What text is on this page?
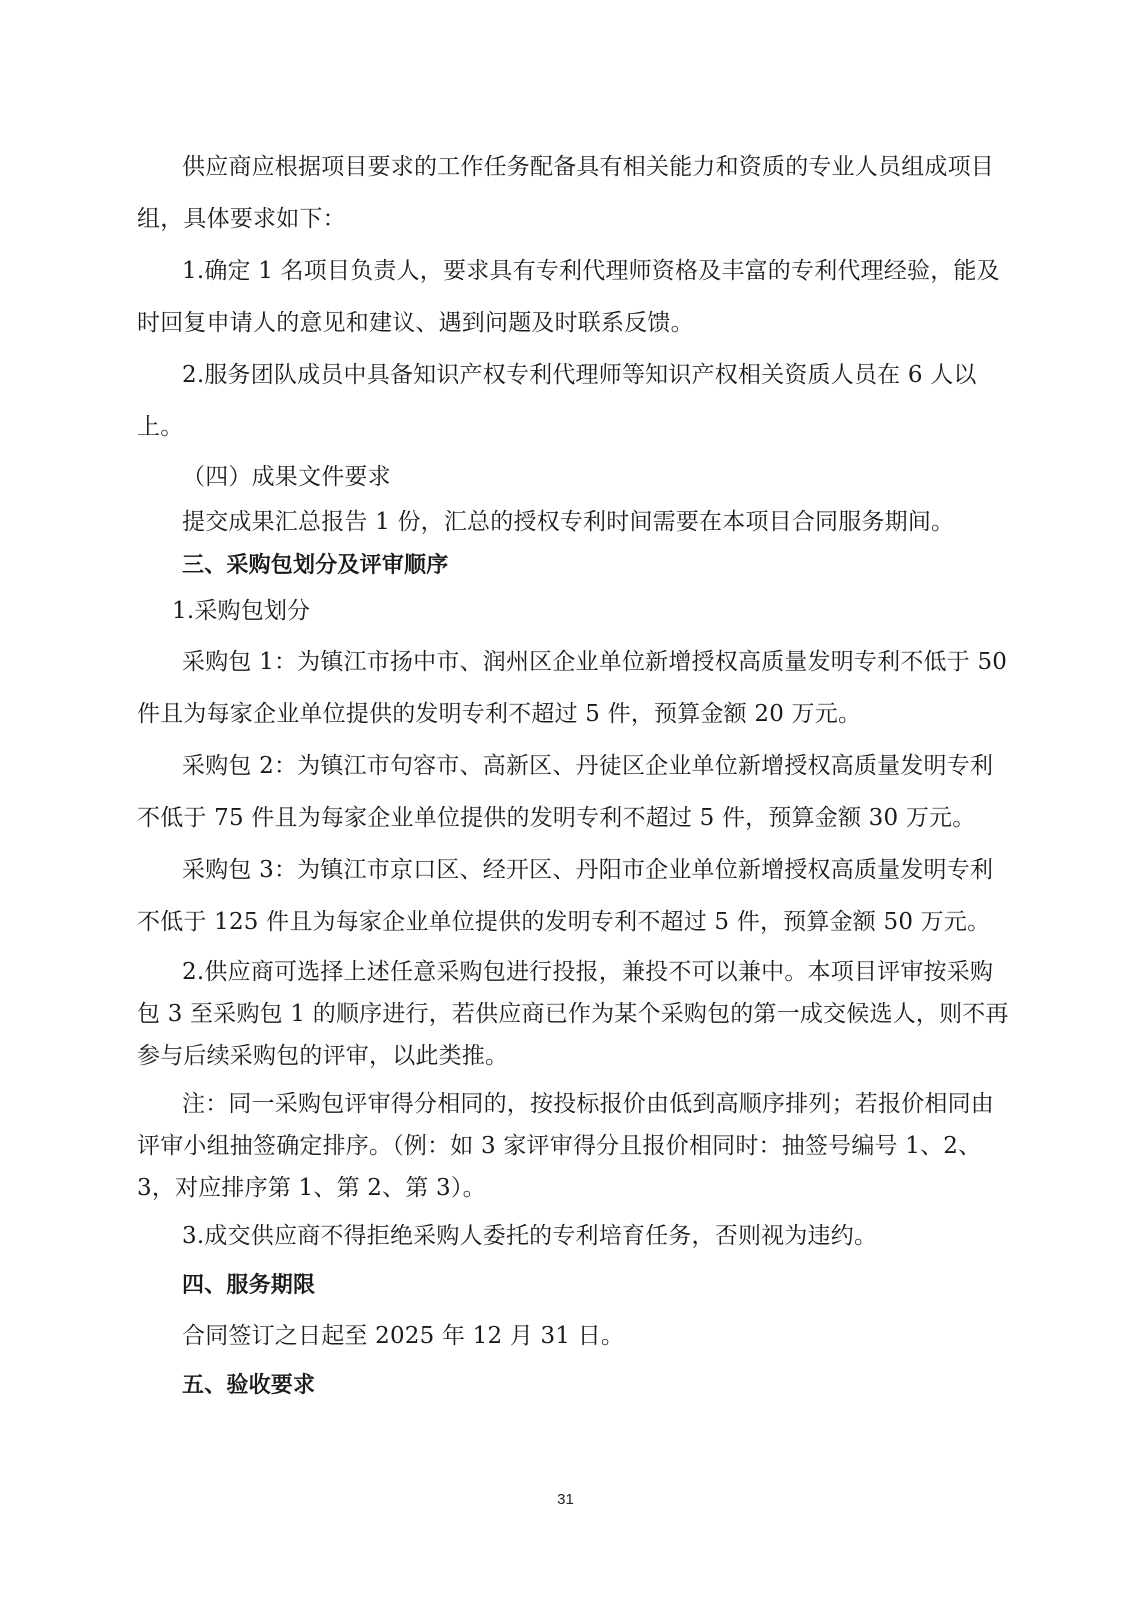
供应商应根据项目要求的工作任务配备具有相关能力和资质的专业人员组成项目
组，具体要求如下：
1.确定 1 名项目负责人，要求具有专利代理师资格及丰富的专利代理经验，能及
时回复申请人的意见和建议、遇到问题及时联系反馈。
2.服务团队成员中具备知识产权专利代理师等知识产权相关资质人员在 6 人以
上。
（四）成果文件要求
提交成果汇总报告 1 份，汇总的授权专利时间需要在本项目合同服务期间。
三、采购包划分及评审顺序
1.采购包划分
采购包 1：为镇江市扬中市、润州区企业单位新增授权高质量发明专利不低于 50
件且为每家企业单位提供的发明专利不超过 5 件，预算金额 20 万元。
采购包 2：为镇江市句容市、高新区、丹徒区企业单位新增授权高质量发明专利
不低于 75 件且为每家企业单位提供的发明专利不超过 5 件，预算金额 30 万元。
采购包 3：为镇江市京口区、经开区、丹阳市企业单位新增授权高质量发明专利
不低于 125 件且为每家企业单位提供的发明专利不超过 5 件，预算金额 50 万元。
2.供应商可选择上述任意采购包进行投报，兼投不可以兼中。本项目评审按采购
包 3 至采购包 1 的顺序进行，若供应商已作为某个采购包的第一成交候选人，则不再
参与后续采购包的评审，以此类推。
注：同一采购包评审得分相同的，按投标报价由低到高顺序排列；若报价相同由
评审小组抽签确定排序。（例：如 3 家评审得分且报价相同时：抽签号编号 1、2、
3，对应排序第 1、第 2、第 3）。
3.成交供应商不得拒绝采购人委托的专利培育任务，否则视为违约。
四、服务期限
合同签订之日起至 2025 年 12 月 31 日。
五、验收要求
31
